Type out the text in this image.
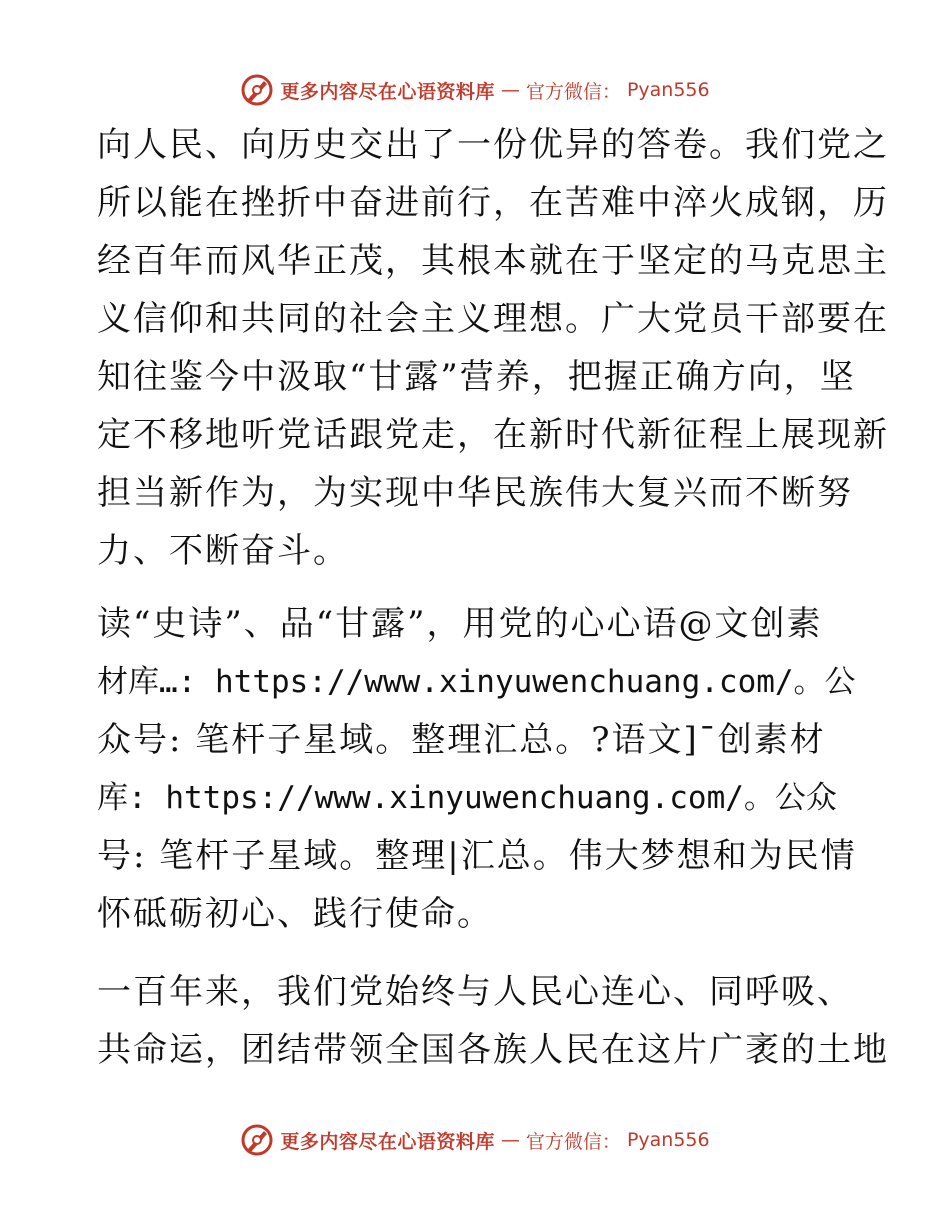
更多内容尽在心语资料库 — 官方微信： Pyan556
向人民、向历史交出了一份优异的答卷。我们党之
所以能在挫折中奋进前行，在苦难中淬火成钢，历
经百年而风华正茂，其根本就在于坚定的马克思主
义信仰和共同的社会主义理想。广大党员干部要在
知往鉴今中汲取“甘露”营养，把握正确方向，坚
定不移地听党话跟党走，在新时代新征程上展现新
担当新作为，为实现中华民族伟大复兴而不断努
力、不断奋斗。
读“史诗”、品“甘露”，用党的心心语@文创素
材库…: https://www.xinyuwenchuang.com/。公
众号: 笔杆子星域。整理汇总。?语文]¯创素材
库: https://www.xinyuwenchuang.com/。公众
号: 笔杆子星域。整理|汇总。伟大梦想和为民情
怀砥砺初心、践行使命。
一百年来，我们党始终与人民心连心、同呼吸、
共命运，团结带领全国各族人民在这片广袤的土地
更多内容尽在心语资料库 — 官方微信： Pyan556
